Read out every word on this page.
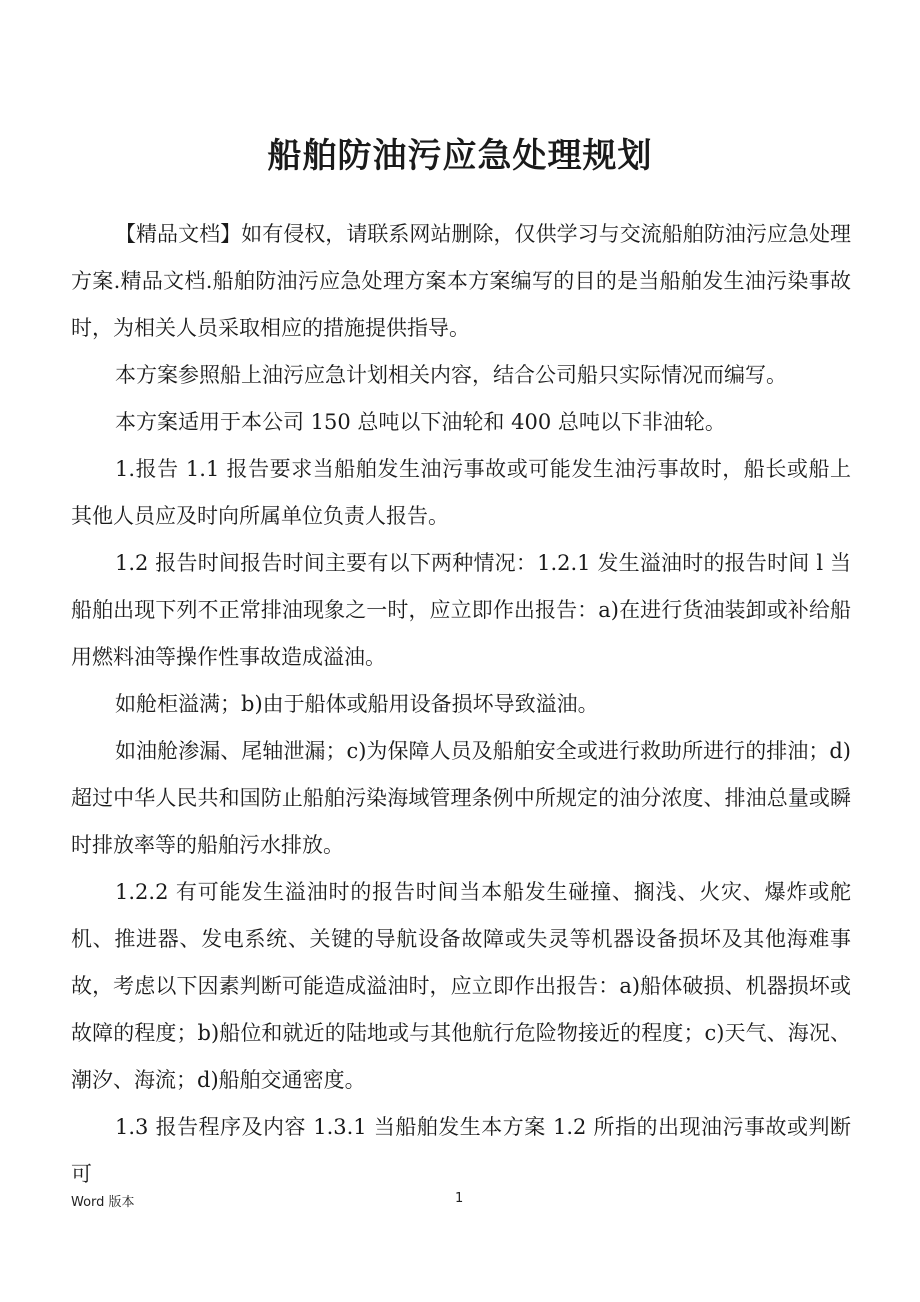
船舶防油污应急处理规划

【精品文档】如有侵权，请联系网站删除，仅供学习与交流船舶防油污应急处理方案.精品文档.船舶防油污应急处理方案本方案编写的目的是当船舶发生油污染事故时，为相关人员采取相应的措施提供指导。

本方案参照船上油污应急计划相关内容，结合公司船只实际情况而编写。

本方案适用于本公司 150 总吨以下油轮和 400 总吨以下非油轮。

1.报告 1.1 报告要求当船舶发生油污事故或可能发生油污事故时，船长或船上其他人员应及时向所属单位负责人报告。

1.2 报告时间报告时间主要有以下两种情况：1.2.1 发生溢油时的报告时间 l 当船舶出现下列不正常排油现象之一时，应立即作出报告：a)在进行货油装卸或补给船用燃料油等操作性事故造成溢油。

如舱柜溢满；b)由于船体或船用设备损坏导致溢油。

如油舱渗漏、尾轴泄漏；c)为保障人员及船舶安全或进行救助所进行的排油；d)超过中华人民共和国防止船舶污染海域管理条例中所规定的油分浓度、排油总量或瞬时排放率等的船舶污水排放。

1.2.2 有可能发生溢油时的报告时间当本船发生碰撞、搁浅、火灾、爆炸或舵机、推进器、发电系统、关键的导航设备故障或失灵等机器设备损坏及其他海难事故，考虑以下因素判断可能造成溢油时，应立即作出报告：a)船体破损、机器损坏或故障的程度；b)船位和就近的陆地或与其他航行危险物接近的程度；c)天气、海况、潮汐、海流；d)船舶交通密度。

1.3 报告程序及内容 1.3.1 当船舶发生本方案 1.2 所指的出现油污事故或判断可

Word 版本	1
